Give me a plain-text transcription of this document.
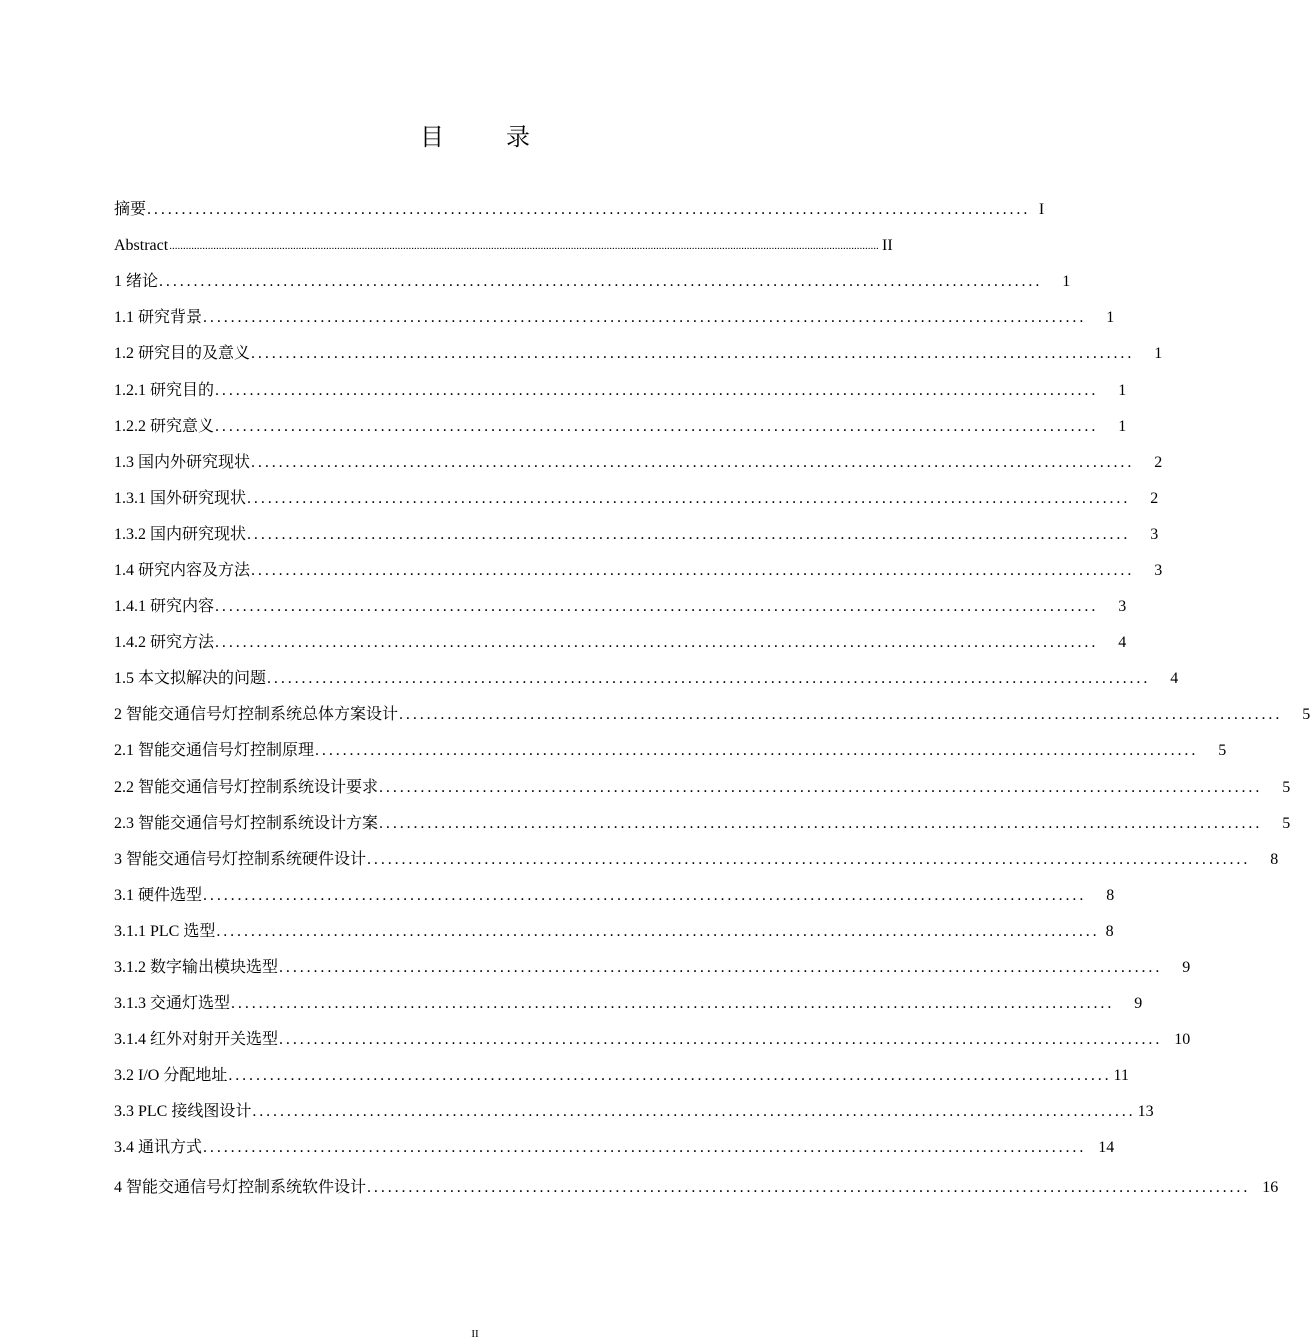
目 录
摘要 ................................................................................................................................ I
Abstract .................................................................................................................................................................................................................................................................. II
1 绪论 ................................................................................................................................	1
1.1 研究背景 ................................................................................................................................	1
1.2 研究目的及意义 ................................................................................................................................	1
1.2.1 研究目的 ................................................................................................................................	1
1.2.2 研究意义 ................................................................................................................................	1
1.3 国内外研究现状 ................................................................................................................................	2
1.3.1 国外研究现状 ................................................................................................................................	2
1.3.2 国内研究现状 ................................................................................................................................	3
1.4 研究内容及方法 ................................................................................................................................	3
1.4.1 研究内容 ................................................................................................................................	3
1.4.2 研究方法 ................................................................................................................................	4
1.5 本文拟解决的问题 ................................................................................................................................	4
2 智能交通信号灯控制系统总体方案设计 ................................................................................................................................	5
2.1 智能交通信号灯控制原理 ................................................................................................................................	5
2.2 智能交通信号灯控制系统设计要求 ................................................................................................................................	5
2.3 智能交通信号灯控制系统设计方案 ................................................................................................................................	5
3 智能交通信号灯控制系统硬件设计 ................................................................................................................................	8
3.1 硬件选型 ................................................................................................................................	8
3.1.1 PLC 选型 ................................................................................................................................ 8
3.1.2 数字输出模块选型 ................................................................................................................................	9
3.1.3 交通灯选型 ................................................................................................................................	9
3.1.4 红外对射开关选型 ................................................................................................................................ 10
3.2 I/O 分配地址 ................................................................................................................................ 11
3.3 PLC 接线图设计 ................................................................................................................................ 13
3.4 通讯方式 ................................................................................................................................ 14
4 智能交通信号灯控制系统软件设计 ................................................................................................................................ 16
II
